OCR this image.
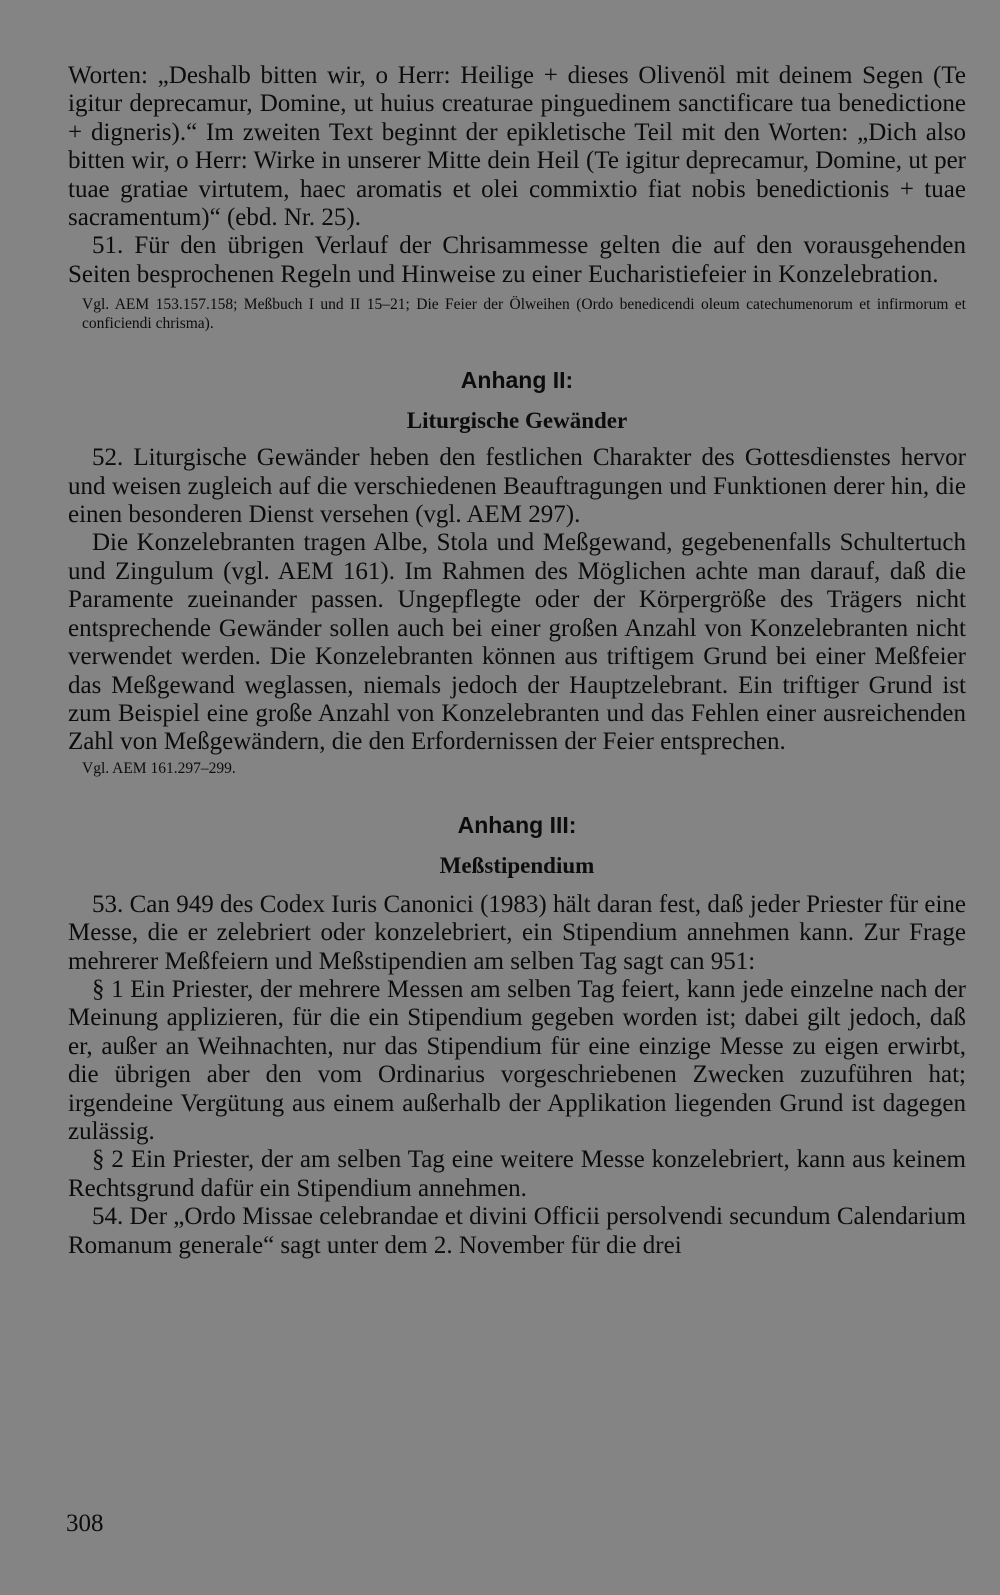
Worten: „Deshalb bitten wir, o Herr: Heilige + dieses Olivenöl mit deinem Segen (Te igitur deprecamur, Domine, ut huius creaturae pinguedinem sanctificare tua benedictione + digneris).“ Im zweiten Text beginnt der epikletische Teil mit den Worten: „Dich also bitten wir, o Herr: Wirke in unserer Mitte dein Heil (Te igitur deprecamur, Domine, ut per tuae gratiae virtutem, haec aromatis et olei commixtio fiat nobis benedictionis + tuae sacramentum)“ (ebd. Nr. 25).

51. Für den übrigen Verlauf der Chrisammesse gelten die auf den vorausgehenden Seiten besprochenen Regeln und Hinweise zu einer Eucharistiefeier in Konzelebration.

Vgl. AEM 153.157.158; Meßbuch I und II 15–21; Die Feier der Ölweihen (Ordo benedicendi oleum catechumenorum et infirmorum et conficiendi chrisma).

Anhang II:
Liturgische Gewänder

52. Liturgische Gewänder heben den festlichen Charakter des Gottesdienstes hervor und weisen zugleich auf die verschiedenen Beauftragungen und Funktionen derer hin, die einen besonderen Dienst versehen (vgl. AEM 297).

Die Konzelebranten tragen Albe, Stola und Meßgewand, gegebenenfalls Schultertuch und Zingulum (vgl. AEM 161). Im Rahmen des Möglichen achte man darauf, daß die Paramente zueinander passen. Ungepflegte oder der Körpergröße des Trägers nicht entsprechende Gewänder sollen auch bei einer großen Anzahl von Konzelebranten nicht verwendet werden. Die Konzelebranten können aus triftigem Grund bei einer Meßfeier das Meßgewand weglassen, niemals jedoch der Hauptzelebrant. Ein triftiger Grund ist zum Beispiel eine große Anzahl von Konzelebranten und das Fehlen einer ausreichenden Zahl von Meßgewändern, die den Erfordernissen der Feier entsprechen.

Vgl. AEM 161.297–299.

Anhang III:
Meßstipendium

53. Can 949 des Codex Iuris Canonici (1983) hält daran fest, daß jeder Priester für eine Messe, die er zelebriert oder konzelebriert, ein Stipendium annehmen kann. Zur Frage mehrerer Meßfeiern und Meßstipendien am selben Tag sagt can 951:

§ 1 Ein Priester, der mehrere Messen am selben Tag feiert, kann jede einzelne nach der Meinung applizieren, für die ein Stipendium gegeben worden ist; dabei gilt jedoch, daß er, außer an Weihnachten, nur das Stipendium für eine einzige Messe zu eigen erwirbt, die übrigen aber den vom Ordinarius vorgeschriebenen Zwecken zuzuführen hat; irgendeine Vergütung aus einem außerhalb der Applikation liegenden Grund ist dagegen zulässig.

§ 2 Ein Priester, der am selben Tag eine weitere Messe konzelebriert, kann aus keinem Rechtsgrund dafür ein Stipendium annehmen.

54. Der „Ordo Missae celebrandae et divini Officii persolvendi secundum Calendarium Romanum generale“ sagt unter dem 2. November für die drei

308
